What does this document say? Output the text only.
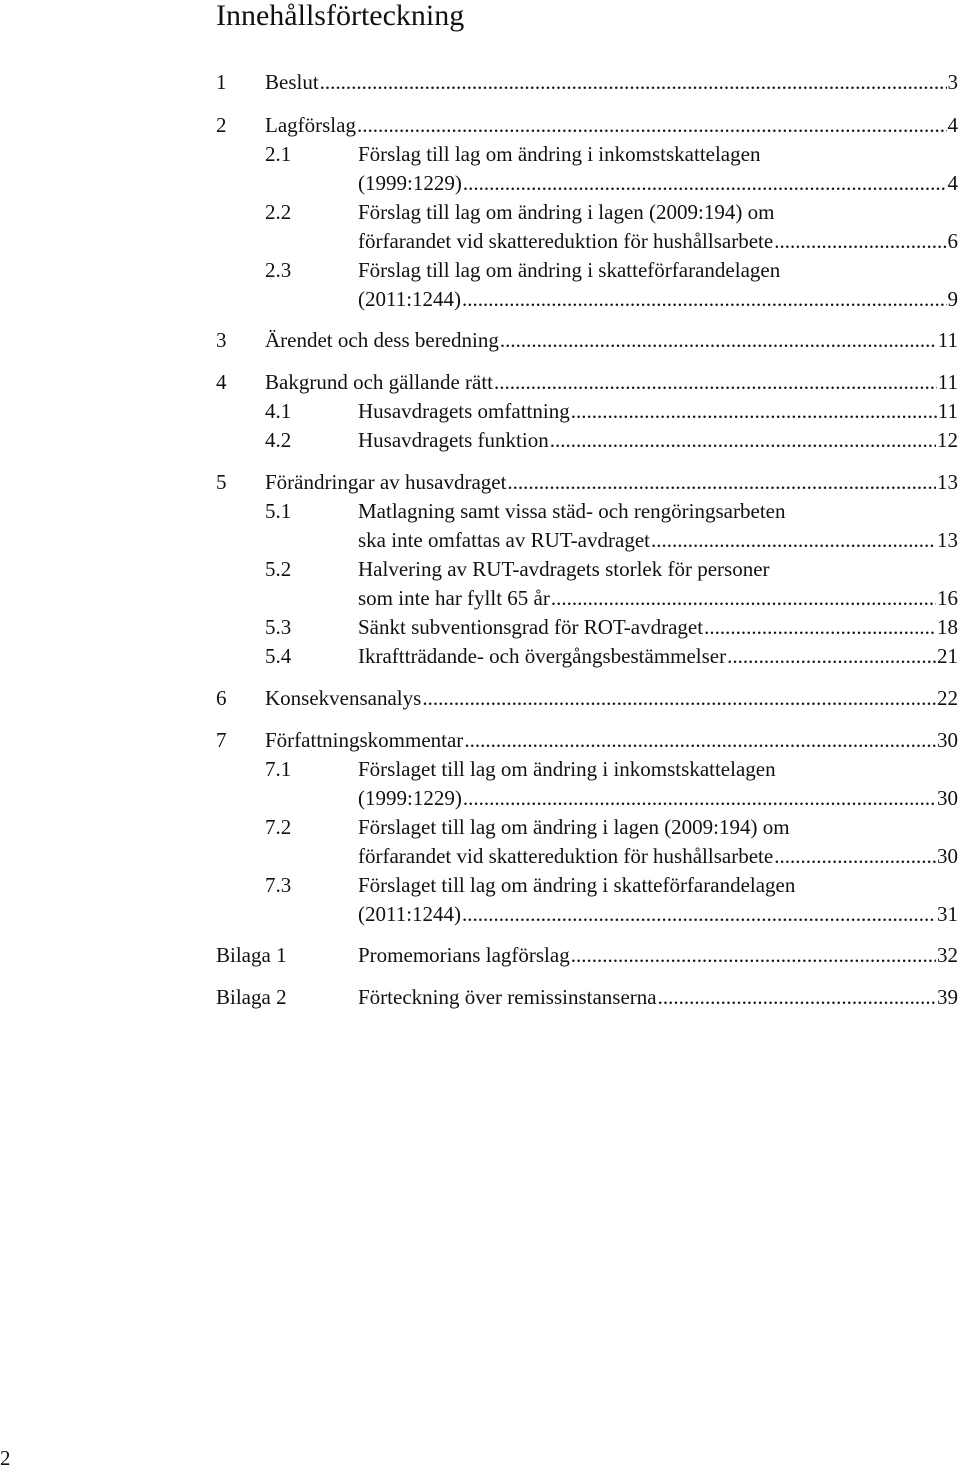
Innehållsförteckning
1 Beslut .....	3
2 Lagförslag .....	4
2.1	Förslag till lag om ändring i inkomstskattelagen
(1999:1229) .....	4
2.2	Förslag till lag om ändring i lagen (2009:194) om
förfarandet vid skattereduktion för hushållsarbete .....	6
2.3	Förslag till lag om ändring i skatteförfarandelagen
(2011:1244) .....	9
3 Ärendet och dess beredning .....	11
4 Bakgrund och gällande rätt .....	11
4.1	Husavdragets omfattning .....	11
4.2	Husavdragets funktion .....	12
5 Förändringar av husavdraget .....	13
5.1	Matlagning samt vissa städ- och rengöringsarbeten
ska inte omfattas av RUT-avdraget .....	13
5.2	Halvering av RUT-avdragets storlek för personer
som inte har fyllt 65 år .....	16
5.3	Sänkt subventionsgrad för ROT-avdraget .....	18
5.4	Ikraftträdande- och övergångsbestämmelser .....	21
6 Konsekvensanalys .....	22
7 Författningskommentar .....	30
7.1	Förslaget till lag om ändring i inkomstskattelagen
(1999:1229) .....	30
7.2	Förslaget till lag om ändring i lagen (2009:194) om
förfarandet vid skattereduktion för hushållsarbete .....	30
7.3	Förslaget till lag om ändring i skatteförfarandelagen
(2011:1244) .....	31
Bilaga 1	Promemorians lagförslag .....	32
Bilaga 2	Förteckning över remissinstanserna .....	39
2
